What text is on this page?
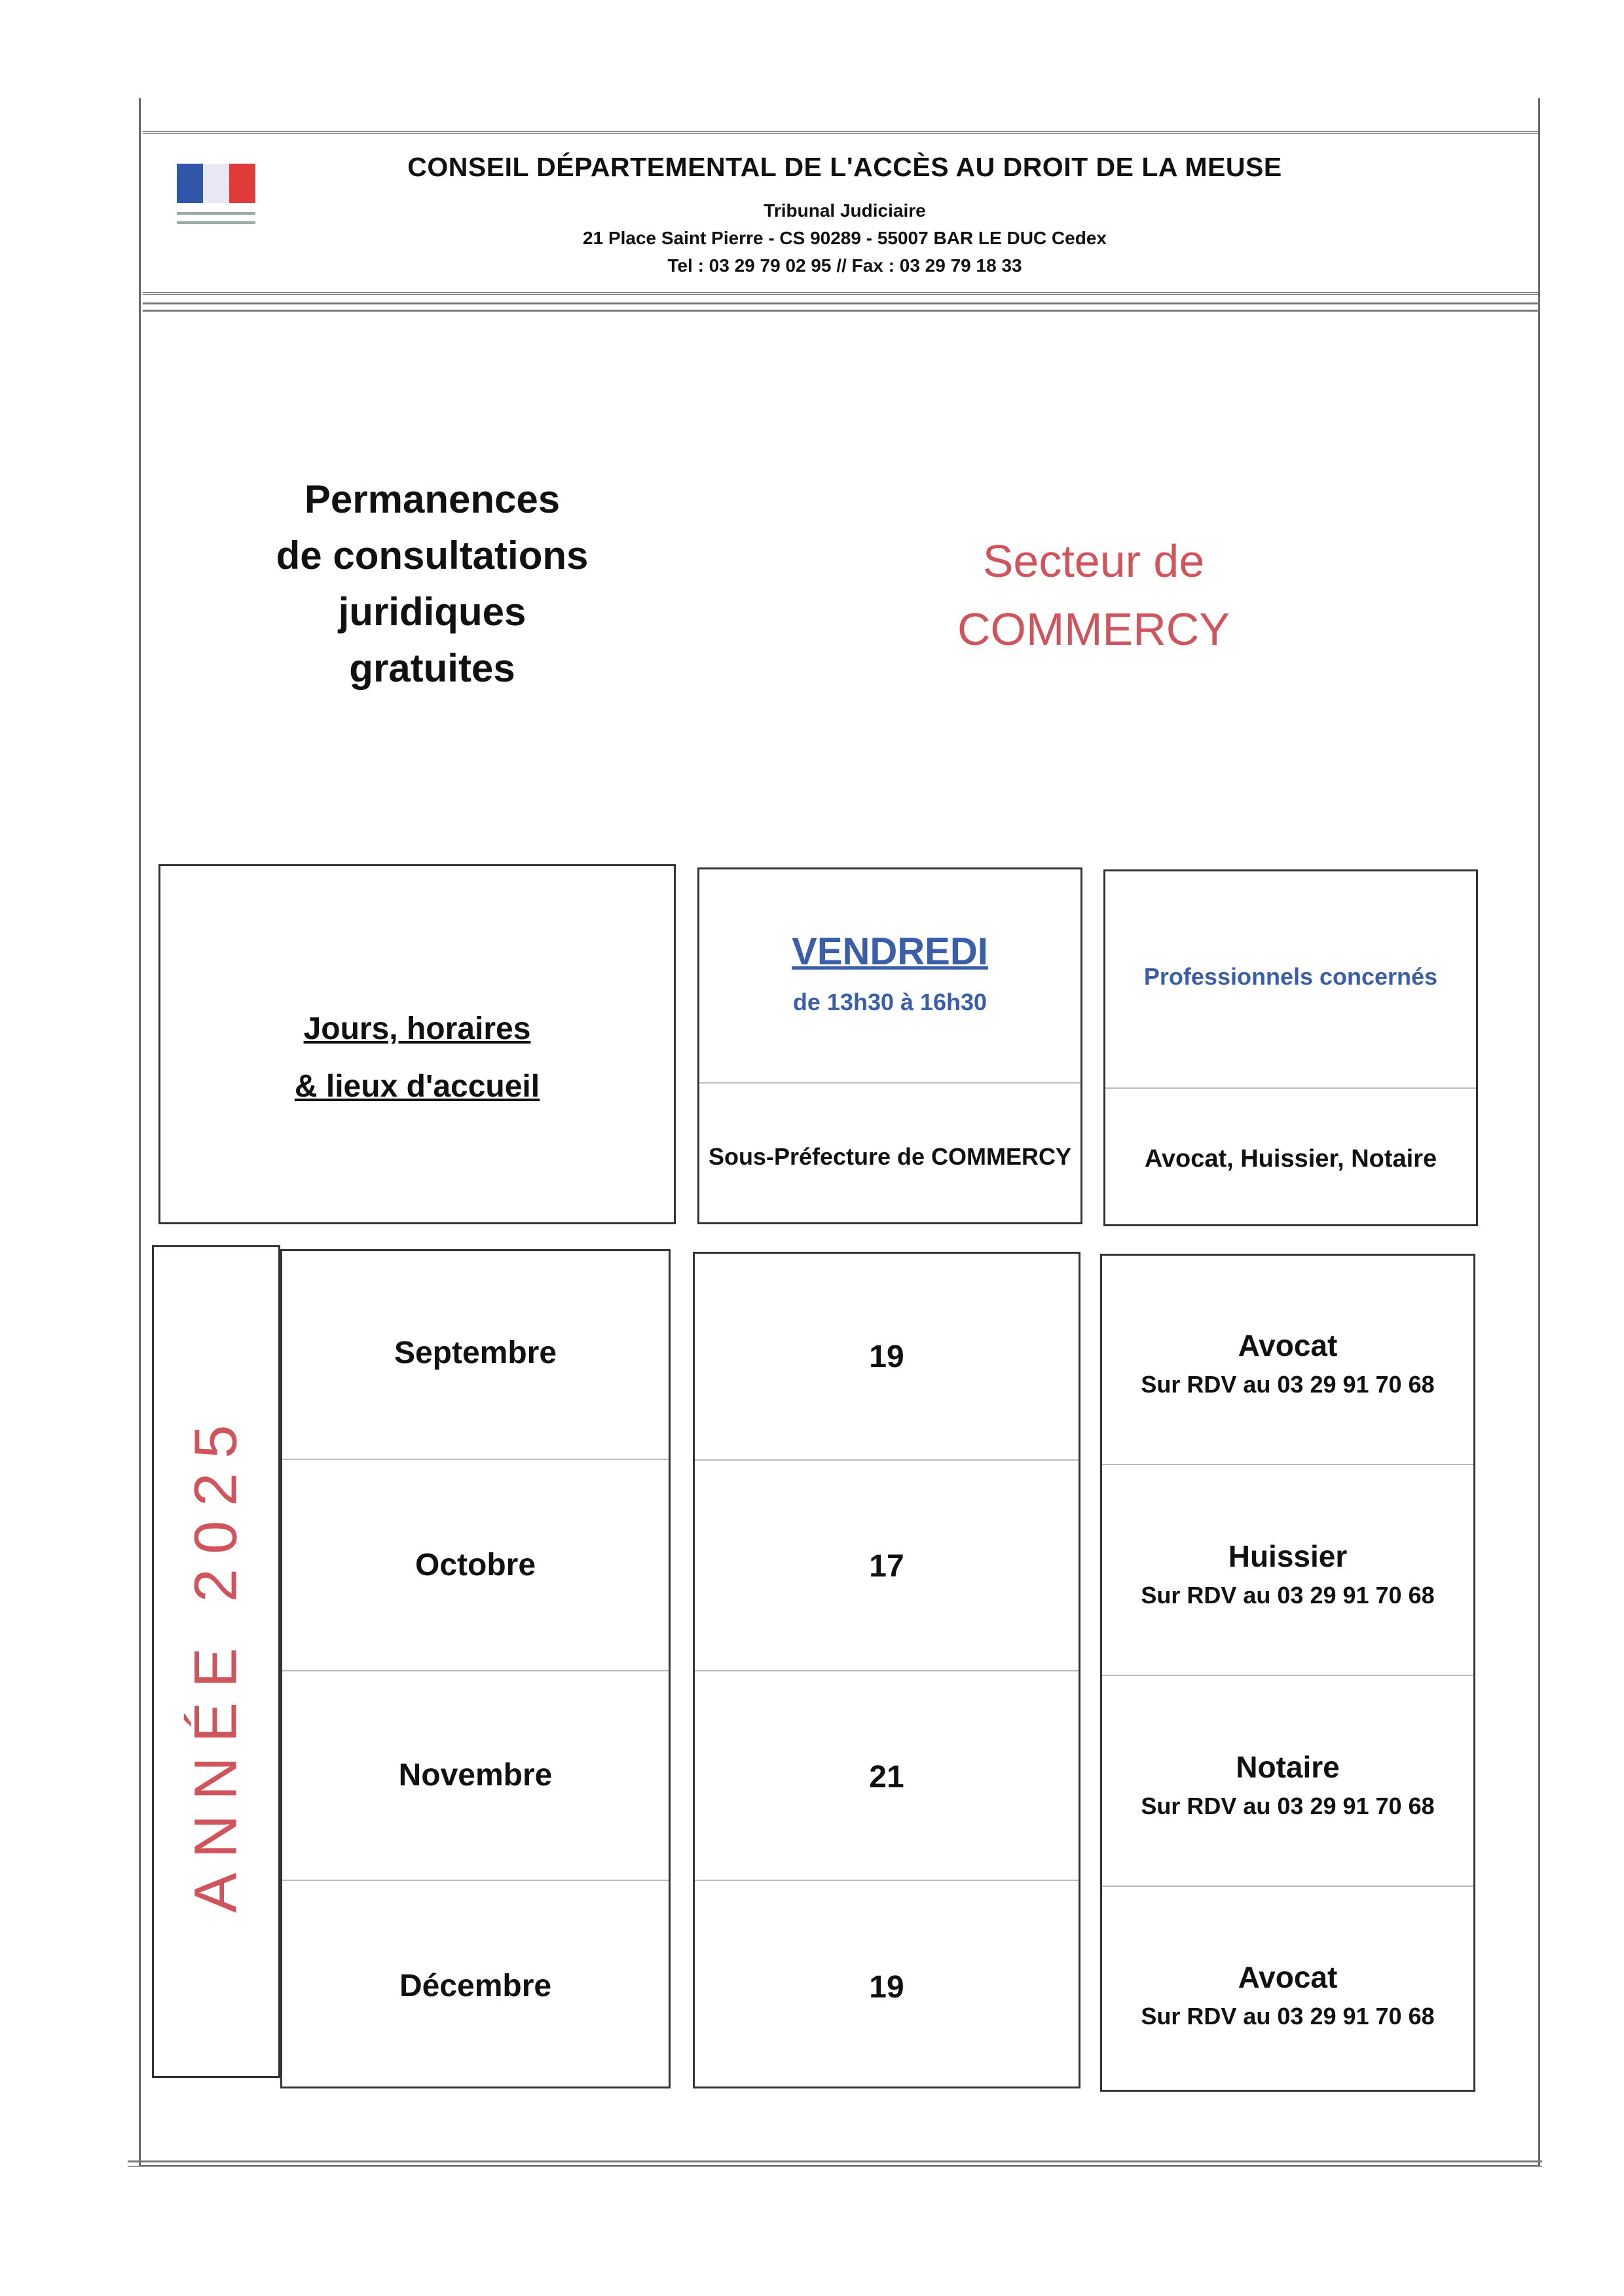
CONSEIL DÉPARTEMENTAL DE L'ACCÈS AU DROIT DE LA MEUSE
Tribunal Judiciaire
21 Place Saint Pierre - CS 90289 - 55007 BAR LE DUC Cedex
Tel : 03 29 79 02 95 // Fax : 03 29 79 18 33
Permanences
de consultations
juridiques
gratuites
Secteur de
COMMERCY
Jours, horaires
& lieux d'accueil
VENDREDI
de 13h30 à 16h30
Sous-Préfecture de COMMERCY
Professionnels concernés
Avocat, Huissier, Notaire
ANNÉE 2025
Septembre
Octobre
Novembre
Décembre
19
17
21
19
Avocat
Sur RDV au 03 29 91 70 68
Huissier
Sur RDV au 03 29 91 70 68
Notaire
Sur RDV au 03 29 91 70 68
Avocat
Sur RDV au 03 29 91 70 68
